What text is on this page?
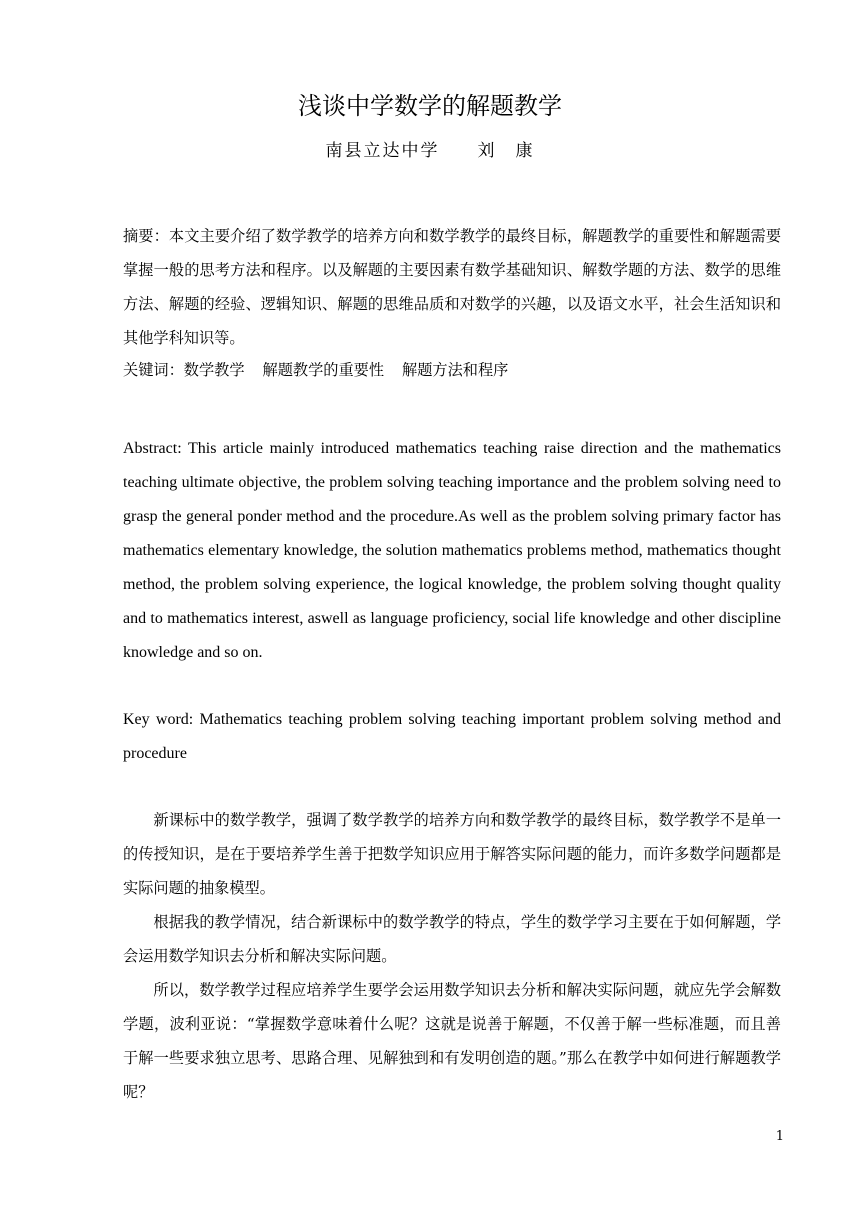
浅谈中学数学的解题教学
南县立达中学 刘　康

摘要：本文主要介绍了数学教学的培养方向和数学教学的最终目标，解题教学的重要性和解题需要掌握一般的思考方法和程序。以及解题的主要因素有数学基础知识、解数学题的方法、数学的思维方法、解题的经验、逻辑知识、解题的思维品质和对数学的兴趣，以及语文水平，社会生活知识和其他学科知识等。

关键词：数学教学 解题教学的重要性 解题方法和程序

Abstract: This article mainly introduced mathematics teaching raise direction and the mathematics teaching ultimate objective, the problem solving teaching importance and the problem solving need to grasp the general ponder method and the procedure.As well as the problem solving primary factor has mathematics elementary knowledge, the solution mathematics problems method, mathematics thought method, the problem solving experience, the logical knowledge, the problem solving thought quality and to mathematics interest, aswell as language proficiency, social life knowledge and other discipline knowledge and so on.

Key word: Mathematics teaching problem solving teaching important problem solving method and procedure

新课标中的数学教学，强调了数学教学的培养方向和数学教学的最终目标，数学教学不是单一的传授知识，是在于要培养学生善于把数学知识应用于解答实际问题的能力，而许多数学问题都是实际问题的抽象模型。

根据我的教学情况，结合新课标中的数学教学的特点，学生的数学学习主要在于如何解题，学会运用数学知识去分析和解决实际问题。

所以，数学教学过程应培养学生要学会运用数学知识去分析和解决实际问题，就应先学会解数学题，波利亚说：“掌握数学意味着什么呢？这就是说善于解题，不仅善于解一些标准题，而且善于解一些要求独立思考、思路合理、见解独到和有发明创造的题。”那么在教学中如何进行解题教学呢？

1
